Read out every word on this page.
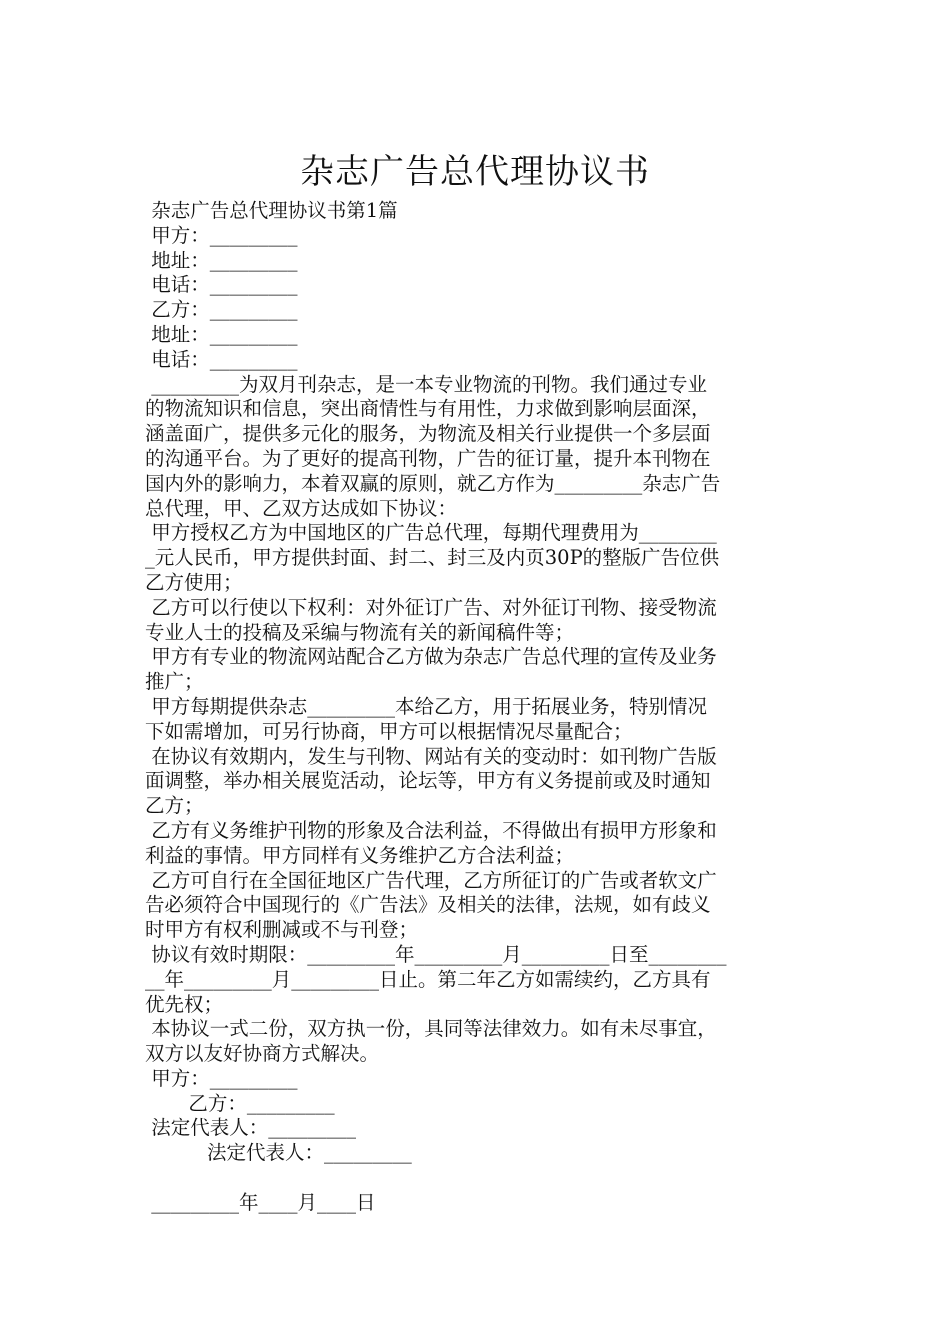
杂志广告总代理协议书
杂志广告总代理协议书第1篇
甲方：_________
地址：_________
电话：_________
乙方：_________
地址：_________
电话：_________
_________为双月刊杂志，是一本专业物流的刊物。我们通过专业
的物流知识和信息，突出商情性与有用性，力求做到影响层面深，
涵盖面广，提供多元化的服务，为物流及相关行业提供一个多层面
的沟通平台。为了更好的提高刊物，广告的征订量，提升本刊物在
国内外的影响力，本着双赢的原则，就乙方作为_________杂志广告
总代理，甲、乙双方达成如下协议：
甲方授权乙方为中国地区的广告总代理，每期代理费用为________
_元人民币，甲方提供封面、封二、封三及内页30P的整版广告位供
乙方使用；
乙方可以行使以下权利：对外征订广告、对外征订刊物、接受物流
专业人士的投稿及采编与物流有关的新闻稿件等；
甲方有专业的物流网站配合乙方做为杂志广告总代理的宣传及业务
推广；
甲方每期提供杂志_________本给乙方，用于拓展业务，特别情况
下如需增加，可另行协商，甲方可以根据情况尽量配合；
在协议有效期内，发生与刊物、网站有关的变动时：如刊物广告版
面调整，举办相关展览活动，论坛等，甲方有义务提前或及时通知
乙方；
乙方有义务维护刊物的形象及合法利益，不得做出有损甲方形象和
利益的事情。甲方同样有义务维护乙方合法利益；
乙方可自行在全国征地区广告代理，乙方所征订的广告或者软文广
告必须符合中国现行的《广告法》及相关的法律，法规，如有歧义
时甲方有权利删减或不与刊登；
协议有效时期限：_________年_________月_________日至________
__年_________月_________日止。第二年乙方如需续约，乙方具有
优先权；
本协议一式二份，双方执一份，具同等法律效力。如有未尽事宜，
双方以友好协商方式解决。
甲方：_________
乙方：_________
法定代表人：_________
法定代表人：_________
_________年____月____日
